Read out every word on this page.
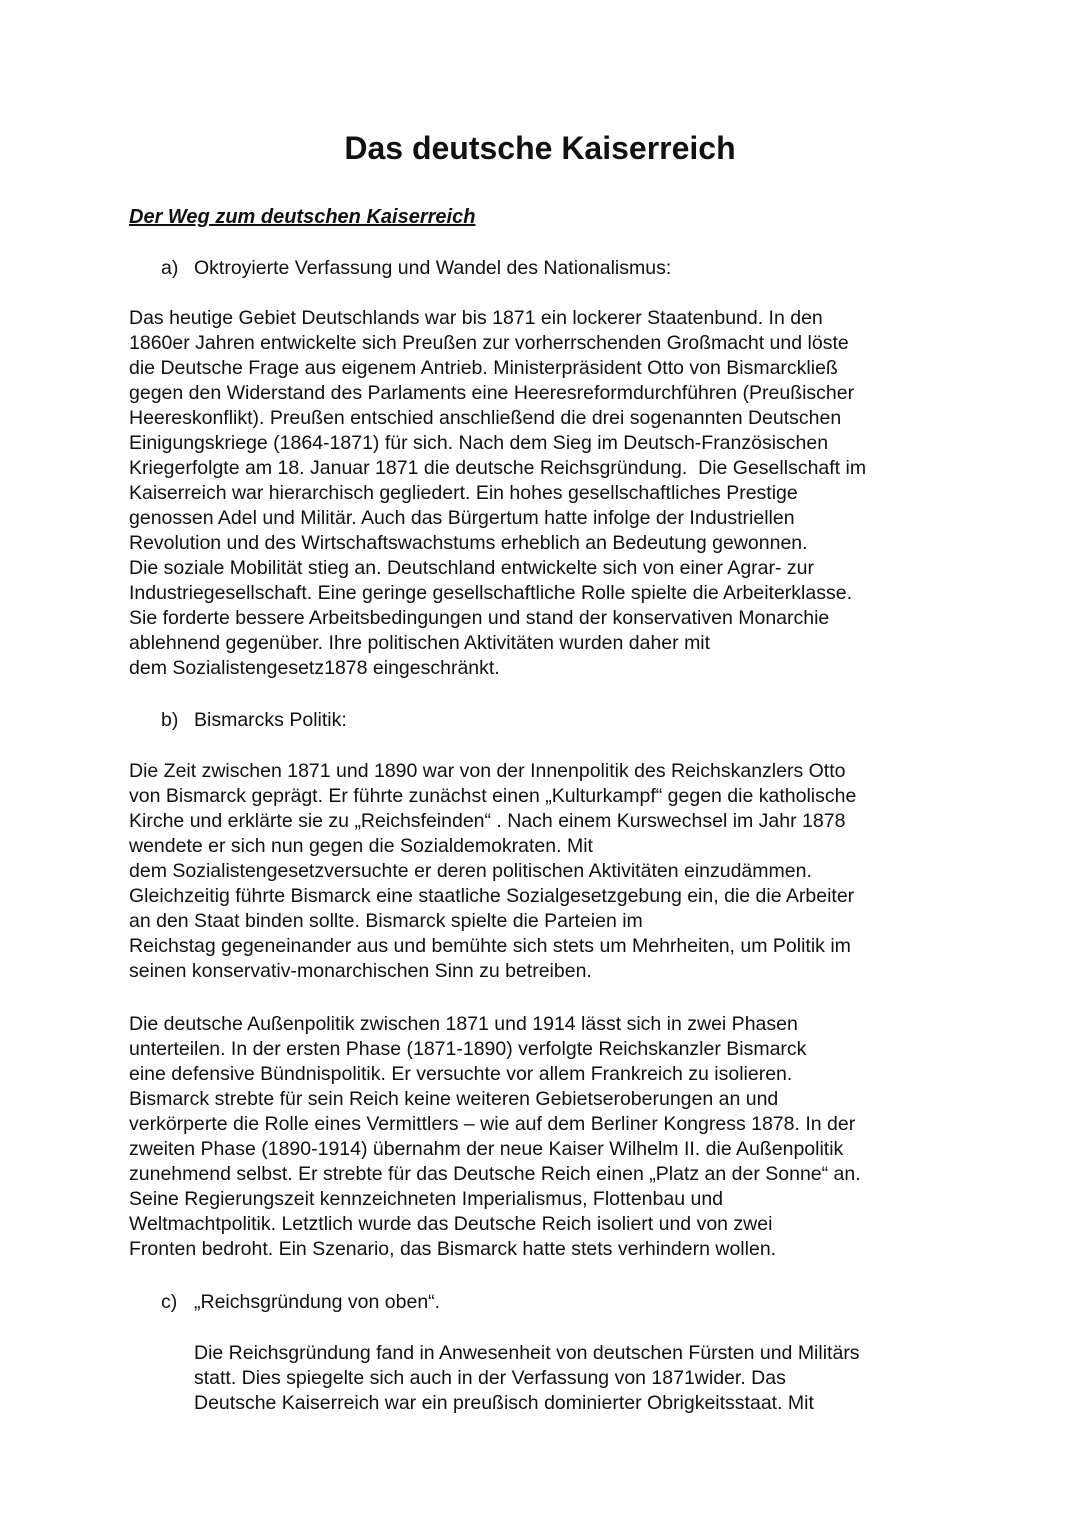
Das deutsche Kaiserreich
Der Weg zum deutschen Kaiserreich
a) Oktroyierte Verfassung und Wandel des Nationalismus:
Das heutige Gebiet Deutschlands war bis 1871 ein lockerer Staatenbund. In den
1860er Jahren entwickelte sich Preußen zur vorherrschenden Großmacht und löste
die Deutsche Frage aus eigenem Antrieb. Ministerpräsident Otto von Bismarckließ
gegen den Widerstand des Parlaments eine Heeresreformdurchführen (Preußischer
Heereskonflikt). Preußen entschied anschließend die drei sogenannten Deutschen
Einigungskriege (1864-1871) für sich. Nach dem Sieg im Deutsch-Französischen
Kriegerfolgte am 18. Januar 1871 die deutsche Reichsgründung.  Die Gesellschaft im
Kaiserreich war hierarchisch gegliedert. Ein hohes gesellschaftliches Prestige
genossen Adel und Militär. Auch das Bürgertum hatte infolge der Industriellen
Revolution und des Wirtschaftswachstums erheblich an Bedeutung gewonnen.
Die soziale Mobilität stieg an. Deutschland entwickelte sich von einer Agrar- zur
Industriegesellschaft. Eine geringe gesellschaftliche Rolle spielte die Arbeiterklasse.
Sie forderte bessere Arbeitsbedingungen und stand der konservativen Monarchie
ablehnend gegenüber. Ihre politischen Aktivitäten wurden daher mit
dem Sozialistengesetz1878 eingeschränkt.
b) Bismarcks Politik:
Die Zeit zwischen 1871 und 1890 war von der Innenpolitik des Reichskanzlers Otto
von Bismarck geprägt. Er führte zunächst einen „Kulturkampf“ gegen die katholische
Kirche und erklärte sie zu „Reichsfeinden“ . Nach einem Kurswechsel im Jahr 1878
wendete er sich nun gegen die Sozialdemokraten. Mit
dem Sozialistengesetzversuchte er deren politischen Aktivitäten einzudämmen.
Gleichzeitig führte Bismarck eine staatliche Sozialgesetzgebung ein, die die Arbeiter
an den Staat binden sollte. Bismarck spielte die Parteien im
Reichstag gegeneinander aus und bemühte sich stets um Mehrheiten, um Politik im
seinen konservativ-monarchischen Sinn zu betreiben.
Die deutsche Außenpolitik zwischen 1871 und 1914 lässt sich in zwei Phasen
unterteilen. In der ersten Phase (1871-1890) verfolgte Reichskanzler Bismarck
eine defensive Bündnispolitik. Er versuchte vor allem Frankreich zu isolieren.
Bismarck strebte für sein Reich keine weiteren Gebietseroberungen an und
verkörperte die Rolle eines Vermittlers – wie auf dem Berliner Kongress 1878. In der
zweiten Phase (1890-1914) übernahm der neue Kaiser Wilhelm II. die Außenpolitik
zunehmend selbst. Er strebte für das Deutsche Reich einen „Platz an der Sonne“ an.
Seine Regierungszeit kennzeichneten Imperialismus, Flottenbau und
Weltmachtpolitik. Letztlich wurde das Deutsche Reich isoliert und von zwei
Fronten bedroht. Ein Szenario, das Bismarck hatte stets verhindern wollen.
c) „Reichsgründung von oben“.
Die Reichsgründung fand in Anwesenheit von deutschen Fürsten und Militärs
statt. Dies spiegelte sich auch in der Verfassung von 1871wider. Das
Deutsche Kaiserreich war ein preußisch dominierter Obrigkeitsstaat. Mit
